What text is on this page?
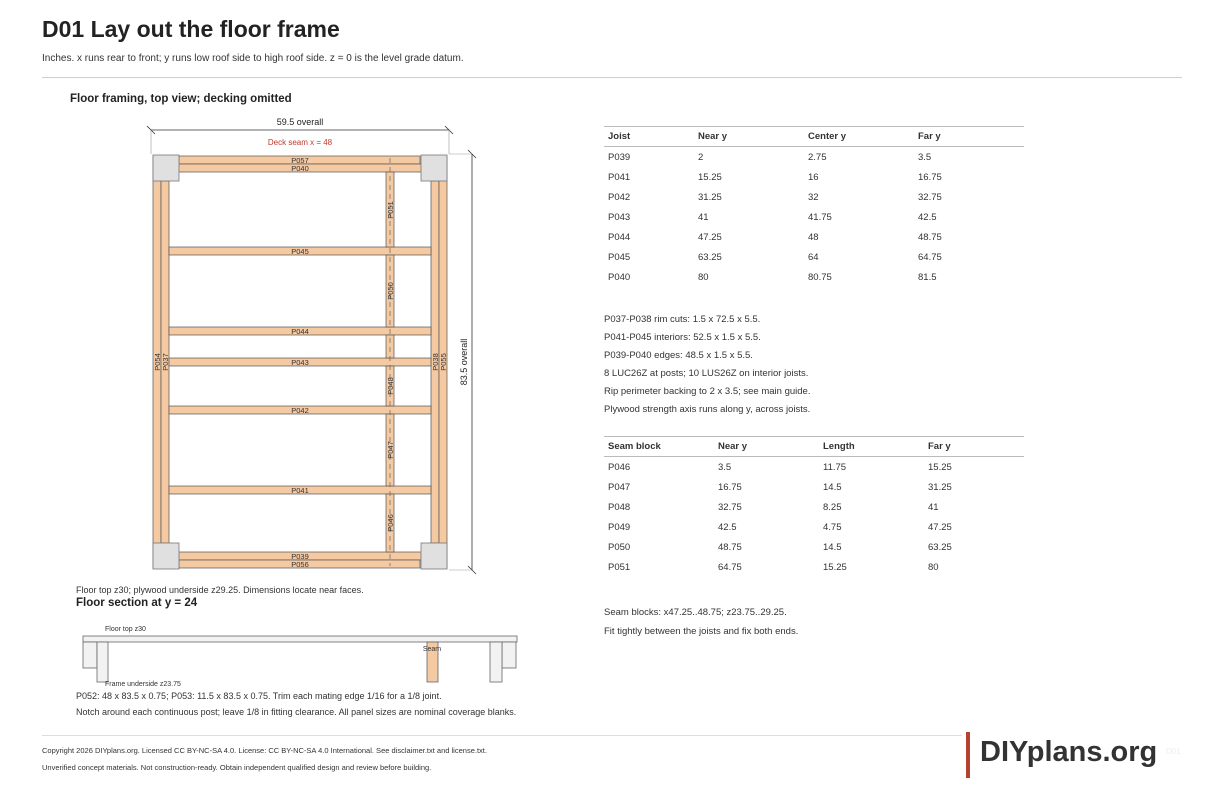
D01 Lay out the floor frame
Inches. x runs rear to front; y runs low roof side to high roof side. z = 0 is the level grade datum.
Floor framing, top view; decking omitted
59.5 overall
Deck seam x = 48
83.5 overall
P057
P040
P045
P044
P043
P042
P041
P039
P056
P054 P037	P038 P055
P051
P050
P048
P047
P046
Floor top z30; plywood underside z29.25. Dimensions locate near faces.
Floor section at y = 24
Floor top z30
Seam
Frame underside z23.75
P052: 48 x 83.5 x 0.75; P053: 11.5 x 83.5 x 0.75. Trim each mating edge 1/16 for a 1/8 joint.
Notch around each continuous post; leave 1/8 in fitting clearance. All panel sizes are nominal coverage blanks.
Joist	Near y	Center y	Far y
P039	2	2.75	3.5
P041	15.25	16	16.75
P042	31.25	32	32.75
P043	41	41.75	42.5
P044	47.25	48	48.75
P045	63.25	64	64.75
P040	80	80.75	81.5
P037-P038 rim cuts: 1.5 x 72.5 x 5.5.
P041-P045 interiors: 52.5 x 1.5 x 5.5.
P039-P040 edges: 48.5 x 1.5 x 5.5.
8 LUC26Z at posts; 10 LUS26Z on interior joists.
Rip perimeter backing to 2 x 3.5; see main guide.
Plywood strength axis runs along y, across joists.
Seam block	Near y	Length	Far y
P046	3.5	11.75	15.25
P047	16.75	14.5	31.25
P048	32.75	8.25	41
P049	42.5	4.75	47.25
P050	48.75	14.5	63.25
P051	64.75	15.25	80
Seam blocks: x47.25..48.75; z23.75..29.25.
Fit tightly between the joists and fix both ends.
Copyright 2026 DIYplans.org. Licensed CC BY-NC-SA 4.0. License: CC BY-NC-SA 4.0 International. See disclaimer.txt and license.txt.
Unverified concept materials. Not construction-ready. Obtain independent qualified design and review before building.	DIYplans.org D01
